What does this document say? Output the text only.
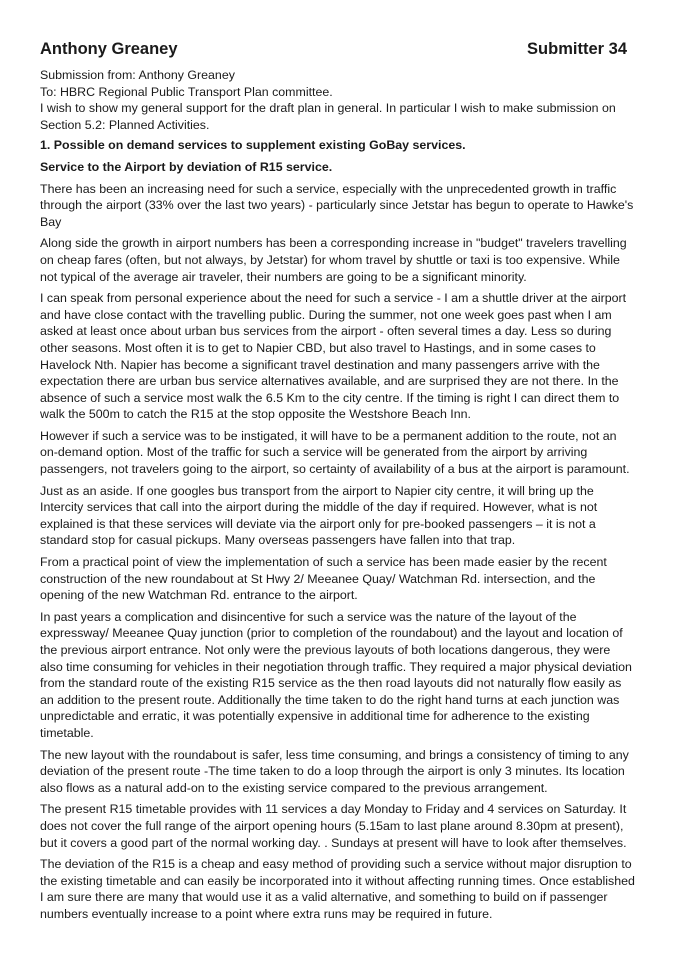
Anthony Greaney	Submitter 34

Submission from: Anthony Greaney

To: HBRC Regional Public Transport Plan committee.

I wish to show my general support for the draft plan in general. In particular I wish to make submission on Section 5.2: Planned Activities.

1. Possible on demand services to supplement existing GoBay services.

Service to the Airport by deviation of R15 service.

There has been an increasing need for such a service, especially with the unprecedented growth in traffic through the airport (33% over the last two years) - particularly since Jetstar has begun to operate to Hawke's Bay

Along side the growth in airport numbers has been a corresponding increase in "budget" travelers travelling on cheap fares (often, but not always, by Jetstar) for whom travel by shuttle or taxi is too expensive. While not typical of the average air traveler, their numbers are going to be a significant minority.

I can speak from personal experience about the need for such a service - I am a shuttle driver at the airport and have close contact with the travelling public. During the summer, not one week goes past when I am asked at least once about urban bus services from the airport - often several times a day. Less so during other seasons. Most often it is to get to Napier CBD, but also travel to Hastings, and in some cases to Havelock Nth. Napier has become a significant travel destination and many passengers arrive with the expectation there are urban bus service alternatives available, and are surprised they are not there. In the absence of such a service most walk the 6.5 Km to the city centre. If the timing is right I can direct them to walk the 500m to catch the R15 at the stop opposite the Westshore Beach Inn.

However if such a service was to be instigated, it will have to be a permanent addition to the route, not an on-demand option. Most of the traffic for such a service will be generated from the airport by arriving passengers, not travelers going to the airport, so certainty of availability of a bus at the airport is paramount.

Just as an aside. If one googles bus transport from the airport to Napier city centre, it will bring up the Intercity services that call into the airport during the middle of the day if required. However, what is not explained is that these services will deviate via the airport only for pre-booked passengers – it is not a standard stop for casual pickups. Many overseas passengers have fallen into that trap.

From a practical point of view the implementation of such a service has been made easier by the recent construction of the new roundabout at St Hwy 2/ Meeanee Quay/ Watchman Rd. intersection, and the opening of the new Watchman Rd. entrance to the airport.

In past years a complication and disincentive for such a service was the nature of the layout of the expressway/ Meeanee Quay junction (prior to completion of the roundabout) and the layout and location of the previous airport entrance. Not only were the previous layouts of both locations dangerous, they were also time consuming for vehicles in their negotiation through traffic. They required a major physical deviation from the standard route of the existing R15 service as the then road layouts did not naturally flow easily as an addition to the present route. Additionally the time taken to do the right hand turns at each junction was unpredictable and erratic, it was potentially expensive in additional time for adherence to the existing timetable.

The new layout with the roundabout is safer, less time consuming, and brings a consistency of timing to any deviation of the present route -The time taken to do a loop through the airport is only 3 minutes. Its location also flows as a natural add-on to the existing service compared to the previous arrangement.

The present R15 timetable provides with 11 services a day Monday to Friday and 4 services on Saturday. It does not cover the full range of the airport opening hours (5.15am to last plane around 8.30pm at present), but it covers a good part of the normal working day. . Sundays at present will have to look after themselves.

The deviation of the R15 is a cheap and easy method of providing such a service without major disruption to the existing timetable and can easily be incorporated into it without affecting running times. Once established I am sure there are many that would use it as a valid alternative, and something to build on if passenger numbers eventually increase to a point where extra runs may be required in future.
